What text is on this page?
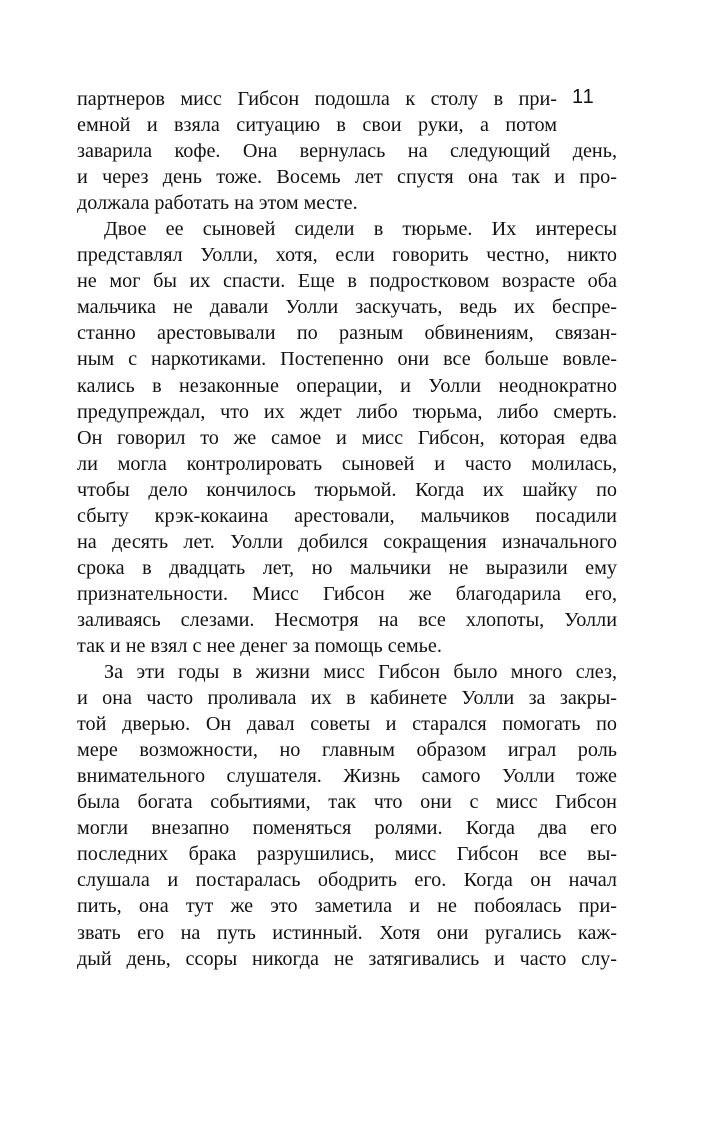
11
партнеров мисс Гибсон подошла к столу в при-
емной и взяла ситуацию в свои руки, а потом
заварила кофе. Она вернулась на следующий день,
и через день тоже. Восемь лет спустя она так и про-
должала работать на этом месте.
Двое ее сыновей сидели в тюрьме. Их интересы
представлял Уолли, хотя, если говорить честно, никто
не мог бы их спасти. Еще в подростковом возрасте оба
мальчика не давали Уолли заскучать, ведь их беспре-
станно арестовывали по разным обвинениям, связан-
ным с наркотиками. Постепенно они все больше вовле-
кались в незаконные операции, и Уолли неоднократно
предупреждал, что их ждет либо тюрьма, либо смерть.
Он говорил то же самое и мисс Гибсон, которая едва
ли могла контролировать сыновей и часто молилась,
чтобы дело кончилось тюрьмой. Когда их шайку по
сбыту крэк-кокаина арестовали, мальчиков посадили
на десять лет. Уолли добился сокращения изначального
срока в двадцать лет, но мальчики не выразили ему
признательности. Мисс Гибсон же благодарила его,
заливаясь слезами. Несмотря на все хлопоты, Уолли
так и не взял с нее денег за помощь семье.
За эти годы в жизни мисс Гибсон было много слез,
и она часто проливала их в кабинете Уолли за закры-
той дверью. Он давал советы и старался помогать по
мере возможности, но главным образом играл роль
внимательного слушателя. Жизнь самого Уолли тоже
была богата событиями, так что они с мисс Гибсон
могли внезапно поменяться ролями. Когда два его
последних брака разрушились, мисс Гибсон все вы-
слушала и постаралась ободрить его. Когда он начал
пить, она тут же это заметила и не побоялась при-
звать его на путь истинный. Хотя они ругались каж-
дый день, ссоры никогда не затягивались и часто слу-
